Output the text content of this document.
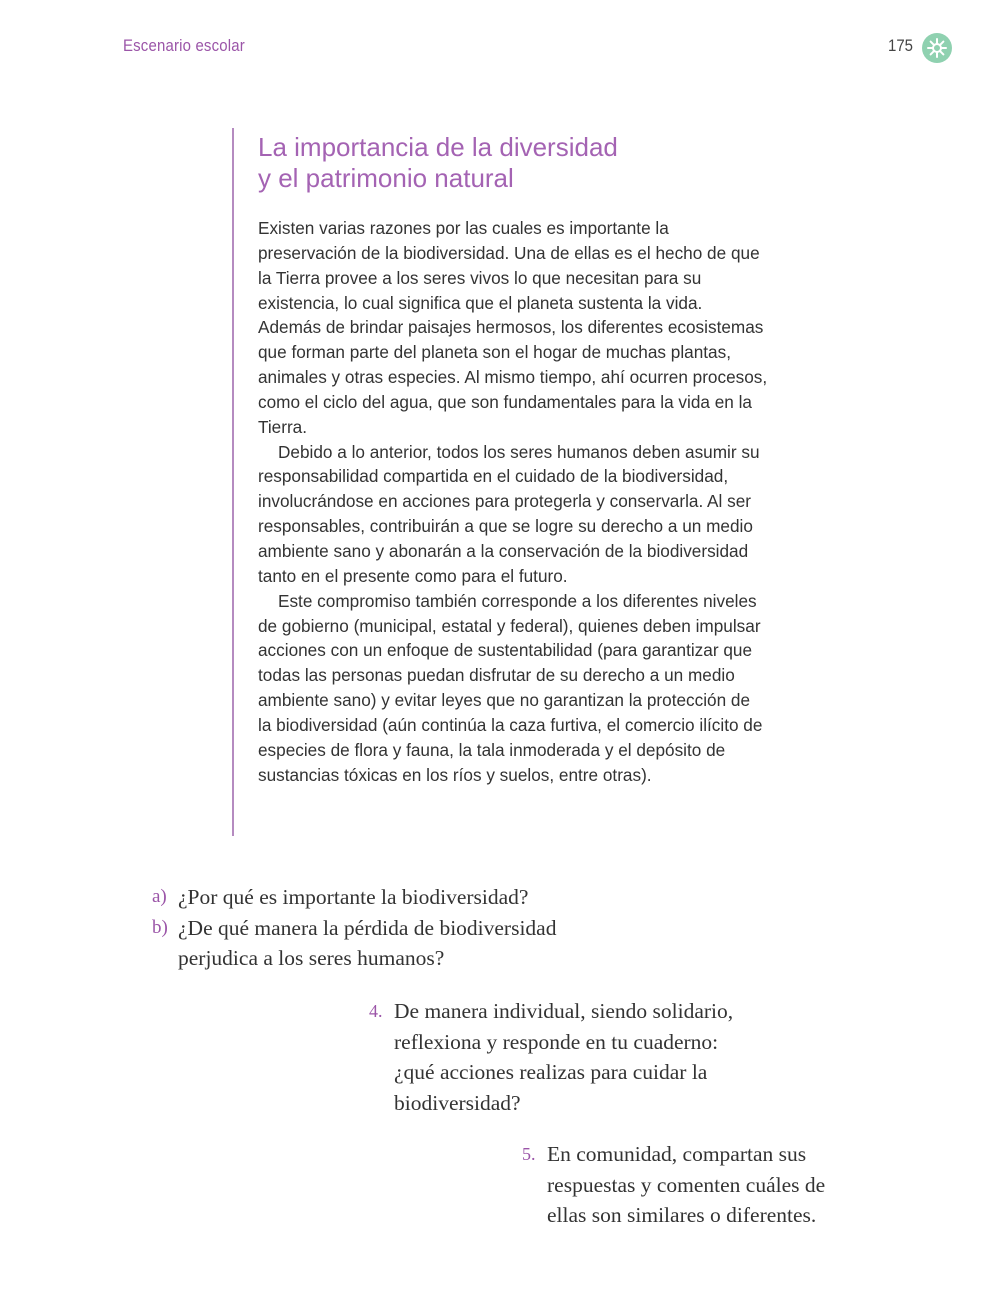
Escenario escolar	175
La importancia de la diversidad
y el patrimonio natural

Existen varias razones por las cuales es importante la preservación de la biodiversidad. Una de ellas es el hecho de que la Tierra provee a los seres vivos lo que necesitan para su existencia, lo cual significa que el planeta sustenta la vida. Además de brindar paisajes hermosos, los diferentes ecosistemas que forman parte del planeta son el hogar de muchas plantas, animales y otras especies. Al mismo tiempo, ahí ocurren procesos, como el ciclo del agua, que son fundamentales para la vida en la Tierra.

Debido a lo anterior, todos los seres humanos deben asumir su responsabilidad compartida en el cuidado de la biodiversidad, involucrándose en acciones para protegerla y conservarla. Al ser responsables, contribuirán a que se logre su derecho a un medio ambiente sano y abonarán a la conservación de la biodiversidad tanto en el presente como para el futuro.

Este compromiso también corresponde a los diferentes niveles de gobierno (municipal, estatal y federal), quienes deben impulsar acciones con un enfoque de sustentabilidad (para garantizar que todas las personas puedan disfrutar de su derecho a un medio ambiente sano) y evitar leyes que no garantizan la protección de la biodiversidad (aún continúa la caza furtiva, el comercio ilícito de especies de flora y fauna, la tala inmoderada y el depósito de sustancias tóxicas en los ríos y suelos, entre otras).

a) ¿Por qué es importante la biodiversidad?

b) ¿De qué manera la pérdida de biodiversidad perjudica a los seres humanos?

4. De manera individual, siendo solidario, reflexiona y responde en tu cuaderno: ¿qué acciones realizas para cuidar la biodiversidad?
5. En comunidad, compartan sus respuestas y comenten cuáles de ellas son similares o diferentes.
